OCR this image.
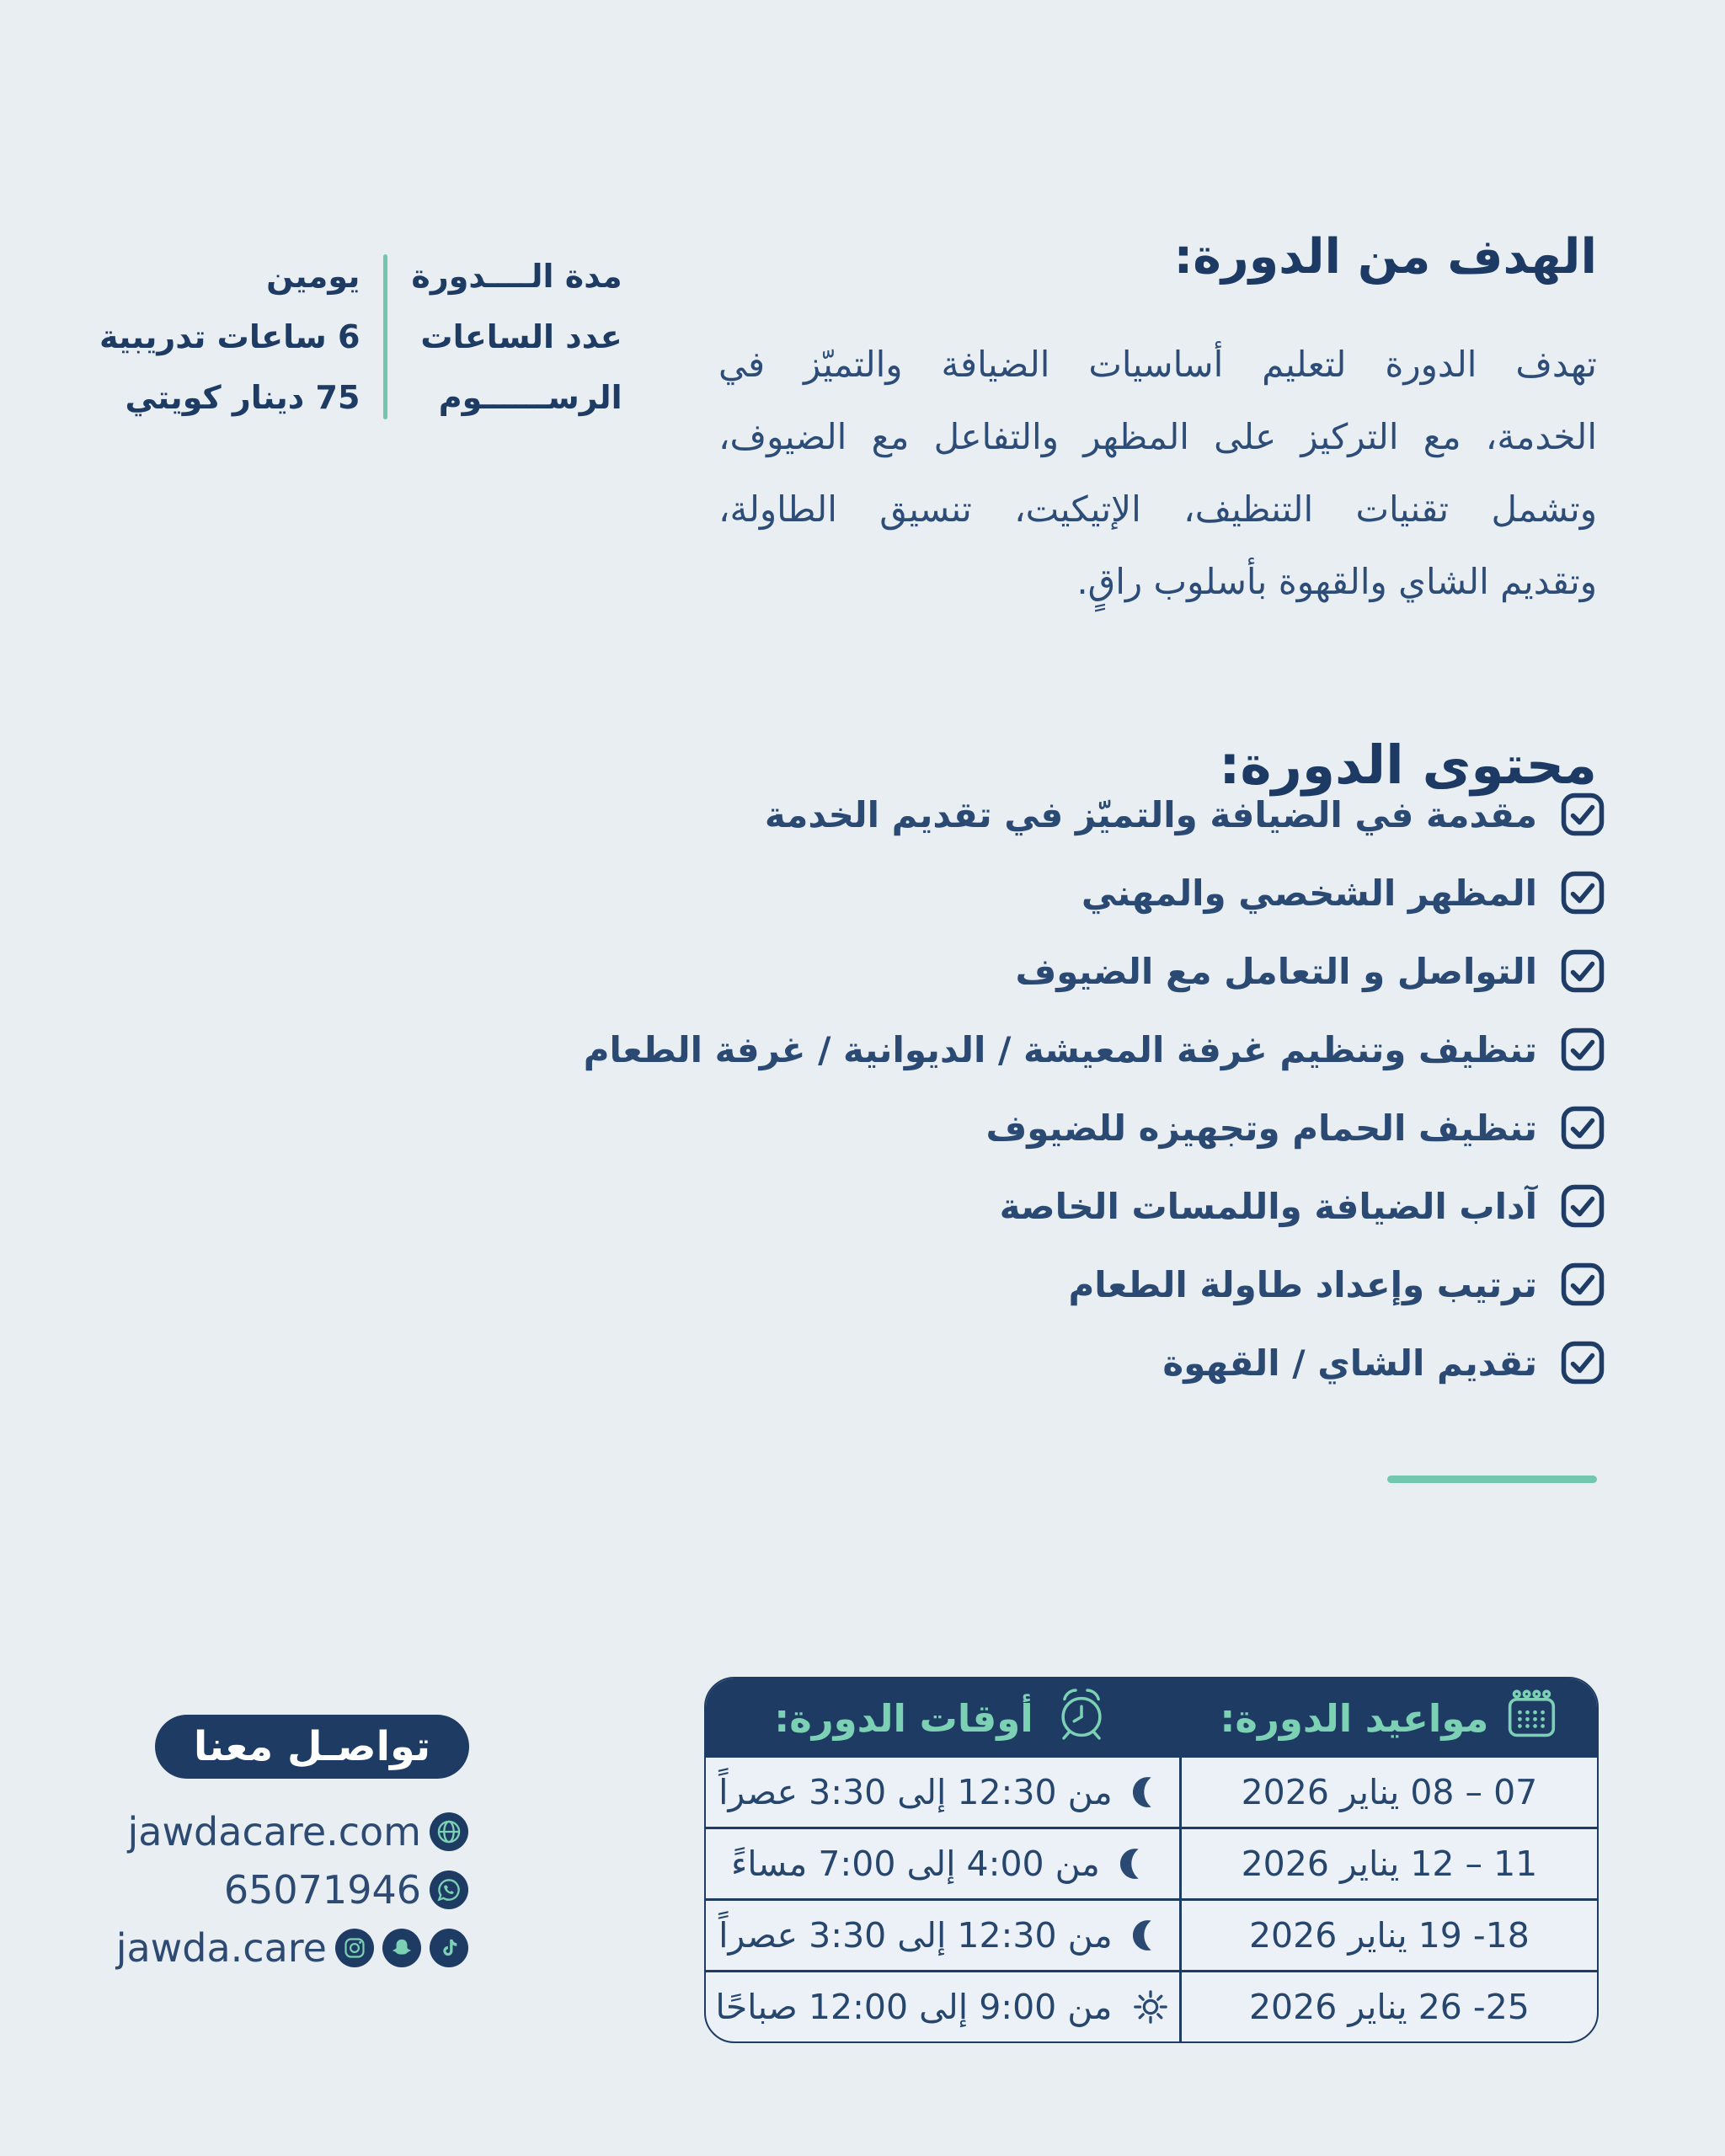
الهدف من الدورة:
تهدف الدورة لتعليم أساسيات الضيافة والتميّز في
الخدمة، مع التركيز على المظهر والتفاعل مع الضيوف،
وتشمل تقنيات التنظيف، الإتيكيت، تنسيق الطاولة،
وتقديم الشاي والقهوة بأسلوب راقٍ.
مدة الــــدورة
عدد الساعات
الرســــــوم
يومين
6 ساعات تدريبية
75 دينار كويتي
محتوى الدورة:
مقدمة في الضيافة والتميّز في تقديم الخدمة
المظهر الشخصي والمهني
التواصل و التعامل مع الضيوف
تنظيف وتنظيم غرفة المعيشة / الديوانية / غرفة الطعام
تنظيف الحمام وتجهيزه للضيوف
آداب الضيافة واللمسات الخاصة
ترتيب وإعداد طاولة الطعام
تقديم الشاي / القهوة
مواعيد الدورة:
أوقات الدورة:
07 ‏– 08 يناير 2026
من 12:30 إلى 3:30 عصراً
11 ‏– 12 يناير 2026
من 4:00 إلى 7:00 مساءً
18‏- 19 يناير 2026
من 12:30 إلى 3:30 عصراً
25‏- 26 يناير 2026
من 9:00 إلى 12:00 صباحًا
تواصـل معنا
jawdacare.com
65071946
jawda.care
